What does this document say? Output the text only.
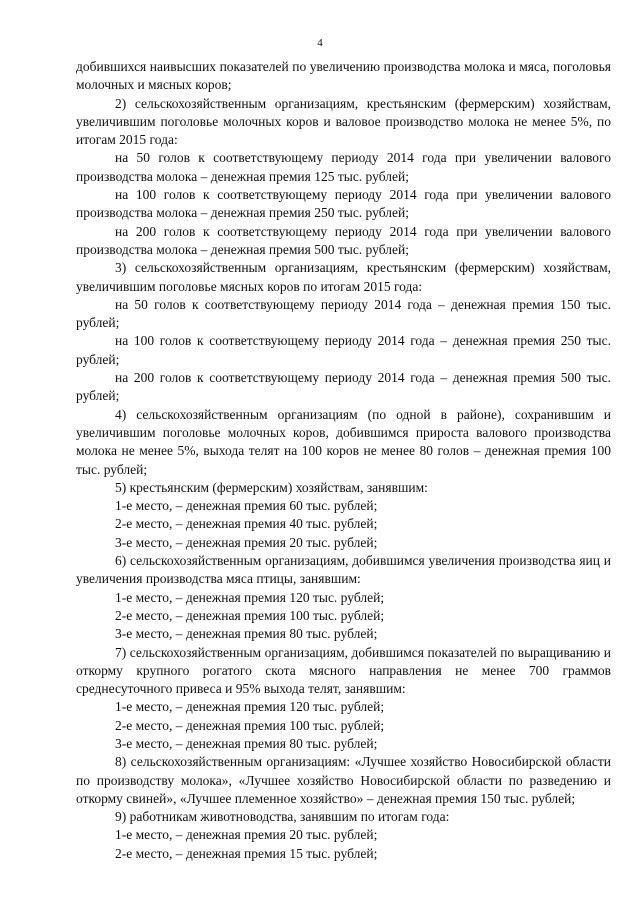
4

добившихся наивысших показателей по увеличению производства молока и мяса, поголовья молочных и мясных коров;

2) сельскохозяйственным организациям, крестьянским (фермерским) хозяйствам, увеличившим поголовье молочных коров и валовое производство молока не менее 5%, по итогам 2015 года:

на 50 голов к соответствующему периоду 2014 года при увеличении валового производства молока – денежная премия 125 тыс. рублей;

на 100 голов к соответствующему периоду 2014 года при увеличении валового производства молока – денежная премия 250 тыс. рублей;

на 200 голов к соответствующему периоду 2014 года при увеличении валового производства молока – денежная премия 500 тыс. рублей;

3) сельскохозяйственным организациям, крестьянским (фермерским) хозяйствам, увеличившим поголовье мясных коров по итогам 2015 года:

на 50 голов к соответствующему периоду 2014 года – денежная премия 150 тыс. рублей;

на 100 голов к соответствующему периоду 2014 года – денежная премия 250 тыс. рублей;

на 200 голов к соответствующему периоду 2014 года – денежная премия 500 тыс. рублей;

4) сельскохозяйственным организациям (по одной в районе), сохранившим и увеличившим поголовье молочных коров, добившимся прироста валового производства молока не менее 5%, выхода телят на 100 коров не менее 80 голов – денежная премия 100 тыс. рублей;

5) крестьянским (фермерским) хозяйствам, занявшим:

1-е место, – денежная премия 60 тыс. рублей;

2-е место, – денежная премия 40 тыс. рублей;

3-е место, – денежная премия 20 тыс. рублей;

6) сельскохозяйственным организациям, добившимся увеличения производства яиц и увеличения производства мяса птицы, занявшим:

1-е место, – денежная премия 120 тыс. рублей;

2-е место, – денежная премия 100 тыс. рублей;

3-е место, – денежная премия 80 тыс. рублей;

7) сельскохозяйственным организациям, добившимся показателей по выращиванию и откорму крупного рогатого скота мясного направления не менее 700 граммов среднесуточного привеса и 95% выхода телят, занявшим:

1-е место, – денежная премия 120 тыс. рублей;

2-е место, – денежная премия 100 тыс. рублей;

3-е место, – денежная премия 80 тыс. рублей;

8) сельскохозяйственным организациям: «Лучшее хозяйство Новосибирской области по производству молока», «Лучшее хозяйство Новосибирской области по разведению и откорму свиней», «Лучшее племенное хозяйство» – денежная премия 150 тыс. рублей;

9) работникам животноводства, занявшим по итогам года:

1-е место, – денежная премия 20 тыс. рублей;

2-е место, – денежная премия 15 тыс. рублей;
